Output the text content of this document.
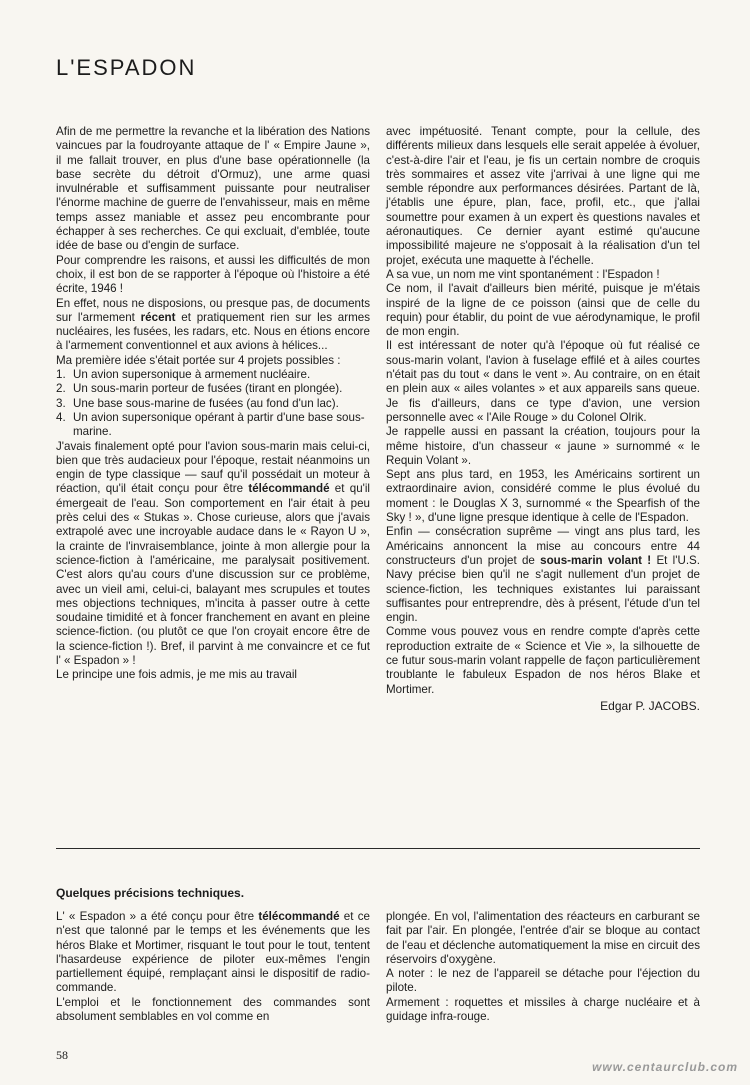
L'ESPADON

Afin de me permettre la revanche et la libération des Nations vaincues par la foudroyante attaque de l' « Empire Jaune », il me fallait trouver, en plus d'une base opérationnelle (la base secrète du détroit d'Ormuz), une arme quasi invulnérable et suffisamment puissante pour neutraliser l'énorme machine de guerre de l'envahisseur, mais en même temps assez maniable et assez peu encombrante pour échapper à ses recherches. Ce qui excluait, d'emblée, toute idée de base ou d'engin de surface.

Pour comprendre les raisons, et aussi les difficultés de mon choix, il est bon de se rapporter à l'époque où l'histoire a été écrite, 1946 !

En effet, nous ne disposions, ou presque pas, de documents sur l'armement récent et pratiquement rien sur les armes nucléaires, les fusées, les radars, etc. Nous en étions encore à l'armement conventionnel et aux avions à hélices...

Ma première idée s'était portée sur 4 projets possibles :

1. Un avion supersonique à armement nucléaire.
2. Un sous-marin porteur de fusées (tirant en plongée).
3. Une base sous-marine de fusées (au fond d'un lac).
4. Un avion supersonique opérant à partir d'une base sous-marine.

J'avais finalement opté pour l'avion sous-marin mais celui-ci, bien que très audacieux pour l'époque, restait néanmoins un engin de type classique — sauf qu'il possédait un moteur à réaction, qu'il était conçu pour être télécommandé et qu'il émergeait de l'eau. Son comportement en l'air était à peu près celui des « Stukas ». Chose curieuse, alors que j'avais extrapolé avec une incroyable audace dans le « Rayon U », la crainte de l'invraisemblance, jointe à mon allergie pour la science-fiction à l'américaine, me paralysait positivement. C'est alors qu'au cours d'une discussion sur ce problème, avec un vieil ami, celui-ci, balayant mes scrupules et toutes mes objections techniques, m'incita à passer outre à cette soudaine timidité et à foncer franchement en avant en pleine science-fiction. (ou plutôt ce que l'on croyait encore être de la science-fiction !). Bref, il parvint à me convaincre et ce fut l' « Espadon » !

Le principe une fois admis, je me mis au travail

avec impétuosité. Tenant compte, pour la cellule, des différents milieux dans lesquels elle serait appelée à évoluer, c'est-à-dire l'air et l'eau, je fis un certain nombre de croquis très sommaires et assez vite j'arrivai à une ligne qui me semble répondre aux performances désirées. Partant de là, j'établis une épure, plan, face, profil, etc., que j'allai soumettre pour examen à un expert ès questions navales et aéronautiques. Ce dernier ayant estimé qu'aucune impossibilité majeure ne s'opposait à la réalisation d'un tel projet, exécuta une maquette à l'échelle.

A sa vue, un nom me vint spontanément : l'Espadon !

Ce nom, il l'avait d'ailleurs bien mérité, puisque je m'étais inspiré de la ligne de ce poisson (ainsi que de celle du requin) pour établir, du point de vue aérodynamique, le profil de mon engin.

Il est intéressant de noter qu'à l'époque où fut réalisé ce sous-marin volant, l'avion à fuselage effilé et à ailes courtes n'était pas du tout « dans le vent ». Au contraire, on en était en plein aux « ailes volantes » et aux appareils sans queue. Je fis d'ailleurs, dans ce type d'avion, une version personnelle avec « l'Aile Rouge » du Colonel Olrik.

Je rappelle aussi en passant la création, toujours pour la même histoire, d'un chasseur « jaune » surnommé « le Requin Volant ».

Sept ans plus tard, en 1953, les Américains sortirent un extraordinaire avion, considéré comme le plus évolué du moment : le Douglas X 3, surnommé « the Spearfish of the Sky ! », d'une ligne presque identique à celle de l'Espadon.

Enfin — consécration suprême — vingt ans plus tard, les Américains annoncent la mise au concours entre 44 constructeurs d'un projet de sous-marin volant ! Et l'U.S. Navy précise bien qu'il ne s'agit nullement d'un projet de science-fiction, les techniques existantes lui paraissant suffisantes pour entreprendre, dès à présent, l'étude d'un tel engin.

Comme vous pouvez vous en rendre compte d'après cette reproduction extraite de « Science et Vie », la silhouette de ce futur sous-marin volant rappelle de façon particulièrement troublante le fabuleux Espadon de nos héros Blake et Mortimer.

Edgar P. JACOBS.
Quelques précisions techniques.

L' « Espadon » a été conçu pour être télécommandé et ce n'est que talonné par le temps et les événements que les héros Blake et Mortimer, risquant le tout pour le tout, tentent l'hasardeuse expérience de piloter eux-mêmes l'engin partiellement équipé, remplaçant ainsi le dispositif de radio-commande.

L'emploi et le fonctionnement des commandes sont absolument semblables en vol comme en

plongée. En vol, l'alimentation des réacteurs en carburant se fait par l'air. En plongée, l'entrée d'air se bloque au contact de l'eau et déclenche automatiquement la mise en circuit des réservoirs d'oxygène.

A noter : le nez de l'appareil se détache pour l'éjection du pilote.

Armement : roquettes et missiles à charge nucléaire et à guidage infra-rouge.

58
www.centaurclub.com
